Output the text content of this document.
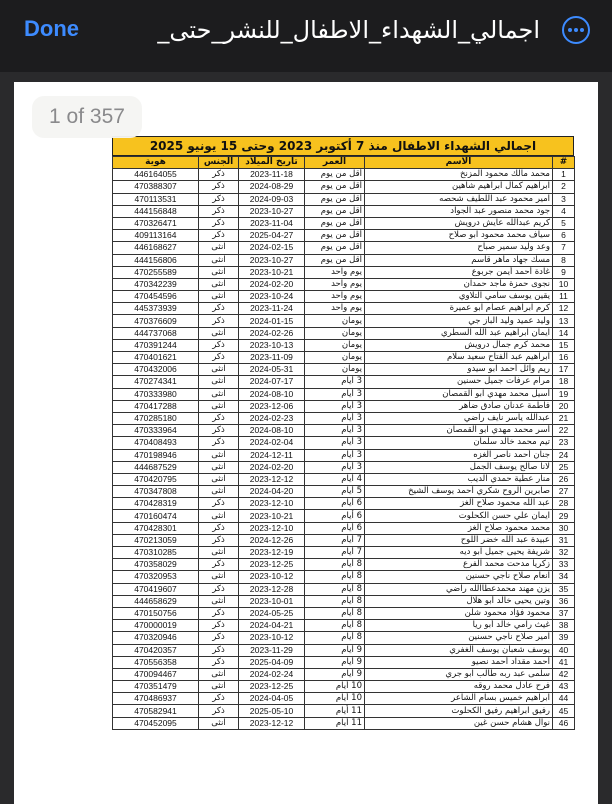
Done	اجمالي_الشهداء_الاطفال_للنشر_حتى_
اجمالي الشهداء الاطفال منذ 7 أكتوبر 2023 وحتى 15 يونيو 2025
#	الاسم	العمر	تاريخ الميلاد	الجنس	هوية
1	محمد مالك محمود المزنخ	أقل من يوم	2023-11-18	ذكر	446164055
2	ابراهيم كمال ابراهيم شاهين	أقل من يوم	2024-08-29	ذكر	470388307
3	امير محمود عبد اللطيف شحصه	أقل من يوم	2024-09-03	ذكر	470113531
4	جود محمد منصور عبد الجواد	أقل من يوم	2023-10-27	ذكر	444156848
5	كريم عبدالله عايش درويش	أقل من يوم	2023-11-04	ذكر	470326471
6	سياف محمد محمود ابو صلاح	أقل من يوم	2025-04-27	ذكر	409113164
7	وعد وليد سمير صباح	أقل من يوم	2024-02-15	انثى	446168627
8	مسك جهاد ماهر قاسم	أقل من يوم	2023-10-27	انثى	444156806
9	غادة أحمد أيمن جربوع	يوم واحد	2023-10-21	انثى	470255589
10	نجوى حمزة ماجد حمدان	يوم واحد	2024-02-20	انثى	470342239
11	يقين يوسف سامي التلاوي	يوم واحد	2023-10-24	انثى	470454596
12	كرم ابراهيم عصام ابو عميرة	يوم واحد	2023-11-24	ذكر	445373939
13	وليد عميد وليد الباز جي	يومان	2024-01-15	ذكر	470376609
14	ايمان ابراهيم عبد الله السطري	يومان	2024-02-26	انثى	444737068
15	محمد كرم جمال درويش	يومان	2023-10-13	ذكر	470391244
16	ابراهيم عبد الفتاح سعيد سلام	يومان	2023-11-09	ذكر	470401621
17	ريم وائل أحمد ابو سيدو	يومان	2024-05-31	انثى	470432006
18	مرام عرفات جميل حسنين	3 أيام	2024-07-17	انثى	470274341
19	أسيل محمد مهدي ابو القمصان	3 أيام	2024-08-10	انثى	470333980
20	فاطمة عدنان صادق ضاهر	3 أيام	2023-12-06	انثى	470417288
21	عبدالله ياسر نايف راضي	3 أيام	2024-02-23	ذكر	470285180
22	أسر محمد مهدي ابو القمصان	3 أيام	2024-08-10	ذكر	470333964
23	تيم محمد خالد سلمان	3 أيام	2024-02-04	ذكر	470408493
24	جنان أحمد ناصر الغزه	3 أيام	2024-12-11	انثى	470198946
25	لانا صالح يوسف الجمل	3 أيام	2024-02-20	انثى	444687529
26	منار عطية حمدي الديب	4 أيام	2023-12-12	انثى	470420795
27	صابرين الروح شكري أحمد يوسف الشيخ	5 أيام	2024-04-20	انثى	470347808
28	عبد الله محمود صلاح الغز	6 أيام	2023-12-10	ذكر	470428319
29	ايمان علي حسن الكحلوت	6 أيام	2023-10-21	انثى	470160474
30	محمد محمود صلاح الغز	6 أيام	2023-12-10	ذكر	470428301
31	عبيدة عبد الله خضر اللوح	7 أيام	2024-12-26	ذكر	470213059
32	شريفة يحيى جميل ابو ديه	7 أيام	2023-12-19	انثى	470310285
33	زكريا مدحت محمد الفرع	8 أيام	2023-12-25	ذكر	470358029
34	انعام صلاح ناجي حسنين	8 أيام	2023-10-12	انثى	470320953
35	يزن مهند محمدعطاالله راضي	8 أيام	2023-12-28	ذكر	470419607
36	وتين يحيى خالد أبو هلال	8 أيام	2023-10-01	انثى	444658629
37	محمود فؤاد محمود شلن	8 أيام	2024-05-25	ذكر	470150756
38	غيث رامي خالد أبو ريا	8 أيام	2024-04-21	ذكر	470000019
39	امير صلاح ناجي حسنين	8 أيام	2023-10-12	ذكر	470320946
40	يوسف شعبان يوسف الغفري	9 أيام	2023-11-29	ذكر	470420357
41	أحمد مقداد أحمد نصيو	9 أيام	2025-04-09	ذكر	470556358
42	سلمى عبد ربه طالب ابو جري	9 أيام	2024-02-24	انثى	470094467
43	فرح عادل محمد روقه	10 أيام	2023-12-25	انثى	470351479
44	ابراهيم خميس بسام الشاعر	10 أيام	2024-04-05	ذكر	470486937
45	رفيق ابراهيم رفيق الكحلوت	11 أيام	2025-05-10	ذكر	470582941
46	نوال هشام حسن غين	11 أيام	2023-12-12	انثى	470452095
1 of 357
